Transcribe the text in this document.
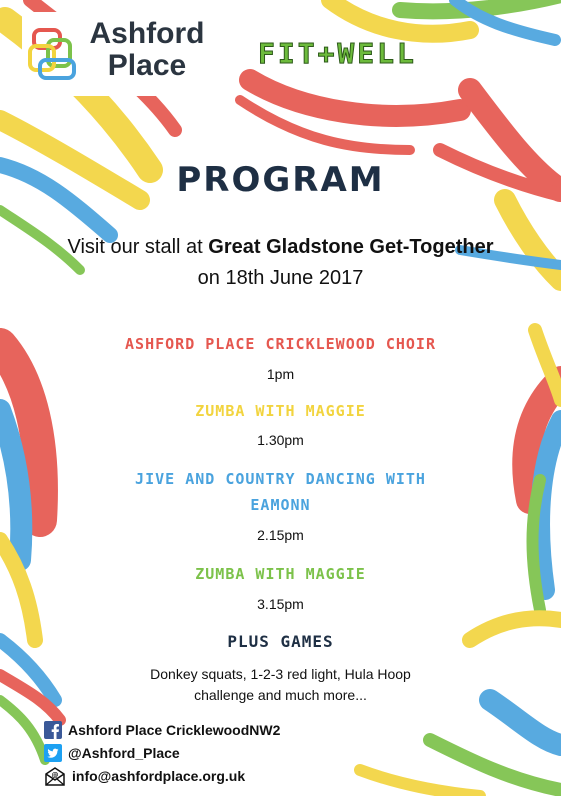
Ashford
Place	FIT+WELL
PROGRAM
Visit our stall at Great Gladstone Get-Together
on 18th June 2017
ASHFORD PLACE CRICKLEWOOD CHOIR
1pm
ZUMBA WITH MAGGIE
1.30pm
JIVE AND COUNTRY DANCING WITH
EAMONN
2.15pm
ZUMBA WITH MAGGIE
3.15pm
PLUS GAMES
Donkey squats, 1-2-3 red light, Hula Hoop
challenge and much more...
Ashford Place CricklewoodNW2
@Ashford_Place
@ info@ashfordplace.org.uk
